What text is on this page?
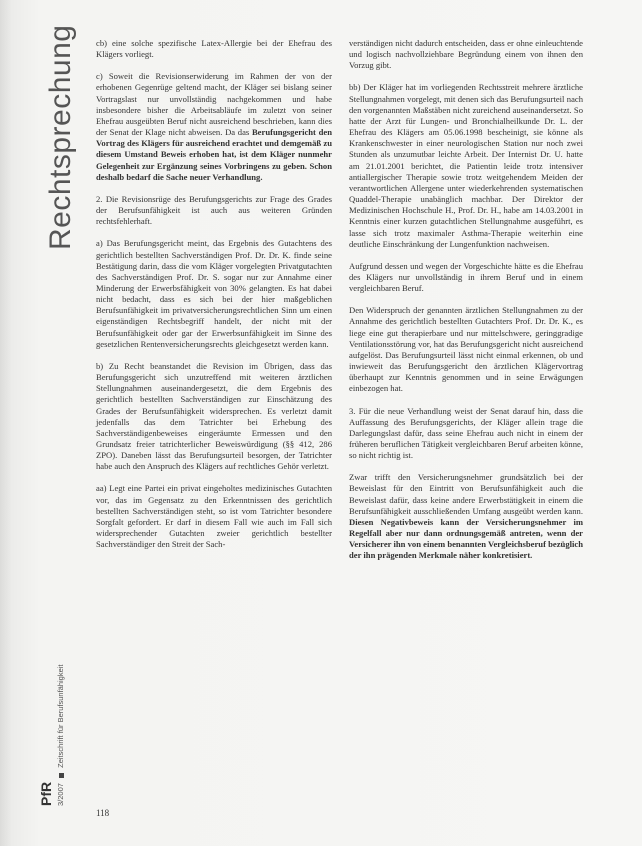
Rechtsprechung
PfR 3/2007  Zeitschrift für Berufsunfähigkeit

cb) eine solche spezifische Latex-Allergie bei der Ehefrau des Klägers vorliegt.

c) Soweit die Revisionserwiderung im Rahmen der von der erhobenen Gegenrüge geltend macht, der Kläger sei bislang seiner Vortragslast nur unvollständig nachgekommen und habe insbesondere bisher die Arbeitsabläufe im zuletzt von seiner Ehefrau ausgeübten Beruf nicht ausreichend beschrieben, kann dies der Senat der Klage nicht abweisen. Da das Berufungsgericht den Vortrag des Klägers für ausreichend erachtet und demgemäß zu diesem Umstand Beweis erhoben hat, ist dem Kläger nunmehr Gelegenheit zur Ergänzung seines Vorbringens zu geben. Schon deshalb bedarf die Sache neuer Verhandlung.

2. Die Revisionsrüge des Berufungsgerichts zur Frage des Grades der Berufsunfähigkeit ist auch aus weiteren Gründen rechtsfehlerhaft.

a) Das Berufungsgericht meint, das Ergebnis des Gutachtens des gerichtlich bestellten Sachverständigen Prof. Dr. Dr. K. finde seine Bestätigung darin, dass die vom Kläger vorgelegten Privatgutachten des Sachverständigen Prof. Dr. S. sogar nur zur Annahme einer Minderung der Erwerbsfähigkeit von 30% gelangten. Es hat dabei nicht bedacht, dass es sich bei der hier maßgeblichen Berufsunfähigkeit im privatversicherungsrechtlichen Sinn um einen eigenständigen Rechtsbegriff handelt, der nicht mit der Berufsunfähigkeit oder gar der Erwerbsunfähigkeit im Sinne des gesetzlichen Rentenversicherungsrechts gleichgesetzt werden kann.

b) Zu Recht beanstandet die Revision im Übrigen, dass das Berufungsgericht sich unzutreffend mit weiteren ärztlichen Stellungnahmen auseinandergesetzt, die dem Ergebnis des gerichtlich bestellten Sachverständigen zur Einschätzung des Grades der Berufsunfähigkeit widersprechen. Es verletzt damit jedenfalls das dem Tatrichter bei Erhebung des Sachverständigenbeweises eingeräumte Ermessen und den Grundsatz freier tatrichterlicher Beweiswürdigung (§§ 412, 286 ZPO). Daneben lässt das Berufungsurteil besorgen, der Tatrichter habe auch den Anspruch des Klägers auf rechtliches Gehör verletzt.

aa) Legt eine Partei ein privat eingeholtes medizinisches Gutachten vor, das im Gegensatz zu den Erkenntnissen des gerichtlich bestellten Sachverständigen steht, so ist vom Tatrichter besondere Sorgfalt gefordert. Er darf in diesem Fall wie auch im Fall sich widersprechender Gutachten zweier gerichtlich bestellter Sachverständiger den Streit der Sach-

verständigen nicht dadurch entscheiden, dass er ohne einleuchtende und logisch nachvollziehbare Begründung einem von ihnen den Vorzug gibt.

bb) Der Kläger hat im vorliegenden Rechtsstreit mehrere ärztliche Stellungnahmen vorgelegt, mit denen sich das Berufungsurteil nach den vorgenannten Maßstäben nicht zureichend auseinandersetzt. So hatte der Arzt für Lungen- und Bronchialheilkunde Dr. L. der Ehefrau des Klägers am 05.06.1998 bescheinigt, sie könne als Krankenschwester in einer neurologischen Station nur noch zwei Stunden als unzumutbar leichte Arbeit. Der Internist Dr. U. hatte am 21.01.2001 berichtet, die Patientin leide trotz intensiver antiallergischer Therapie sowie trotz weitgehendem Meiden der verantwortlichen Allergene unter wiederkehrenden systematischen Quaddel-Therapie unabänglich machbar. Der Direktor der Medizinischen Hochschule H., Prof. Dr. H., habe am 14.03.2001 in Kenntnis einer kurzen gutachtlichen Stellungnahme ausgeführt, es lasse sich trotz maximaler Asthma-Therapie weiterhin eine deutliche Einschränkung der Lungenfunktion nachweisen.

Aufgrund dessen und wegen der Vorgeschichte hätte es die Ehefrau des Klägers nur unvollständig in ihrem Beruf und in einem vergleichbaren Beruf.

Den Widerspruch der genannten ärztlichen Stellungnahmen zu der Annahme des gerichtlich bestellten Gutachters Prof. Dr. Dr. K., es liege eine gut therapierbare und nur mittelschwere, geringgradige Ventilationsstörung vor, hat das Berufungsgericht nicht ausreichend aufgelöst. Das Berufungsurteil lässt nicht einmal erkennen, ob und inwieweit das Berufungsgericht den ärztlichen Klägervortrag überhaupt zur Kenntnis genommen und in seine Erwägungen einbezogen hat.

3. Für die neue Verhandlung weist der Senat darauf hin, dass die Auffassung des Berufungsgerichts, der Kläger allein trage die Darlegungslast dafür, dass seine Ehefrau auch nicht in einem der früheren beruflichen Tätigkeit vergleichbaren Beruf arbeiten könne, so nicht richtig ist.

Zwar trifft den Versicherungsnehmer grundsätzlich bei der Beweislast für den Eintritt von Berufsunfähigkeit auch die Beweislast dafür, dass keine andere Erwerbstätigkeit in einem die Berufsunfähigkeit ausschließenden Umfang ausgeübt werden kann. Diesen Negativbeweis kann der Versicherungsnehmer im Regelfall aber nur dann ordnungsgemäß antreten, wenn der Versicherer ihn von einem benannten Vergleichsberuf bezüglich der ihn prägenden Merkmale näher konkretisiert.

118
